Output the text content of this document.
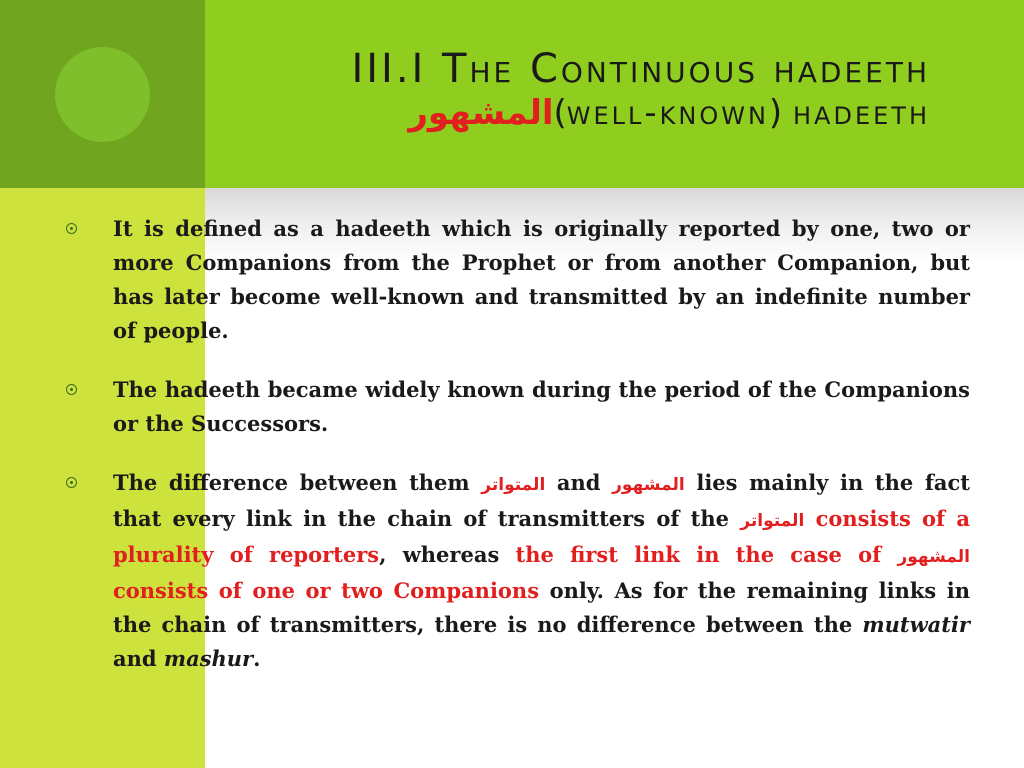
III.I The Continuous hadeeth
المشهور(well-known) hadeeth
It is defined as a hadeeth which is originally reported by one, two or more Companions from the Prophet or from another Companion, but has later become well-known and transmitted by an indefinite number of people.
The hadeeth became widely known during the period of the Companions or the Successors.
The difference between them المتواتر and المشهور lies mainly in the fact that every link in the chain of transmitters of the المتواتر consists of a plurality of reporters, whereas the first link in the case of المشهور consists of one or two Companions only. As for the remaining links in the chain of transmitters, there is no difference between the mutwatir and mashur.
